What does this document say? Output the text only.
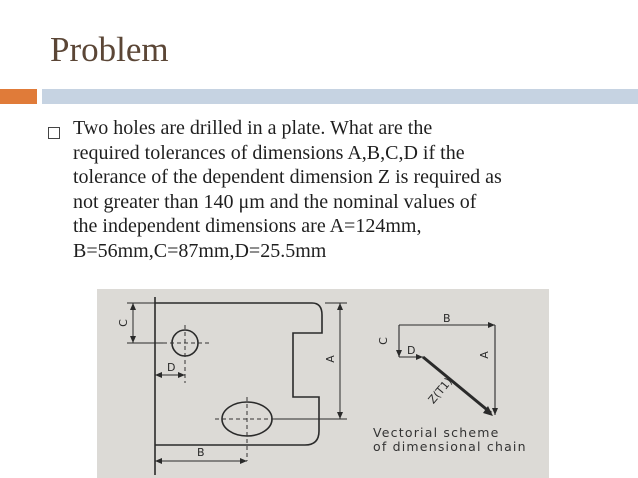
Problem

Two holes are drilled in a plate. What are the
required tolerances of dimensions A,B,C,D if the
tolerance of the dependent dimension Z is required as
not greater than 140 μm and the nominal values of
the independent dimensions are A=124mm,
B=56mm,C=87mm,D=25.5mm

C
D
A
B
B
C
D	A
Z(T1)
Vectorial scheme
of dimensional chain
